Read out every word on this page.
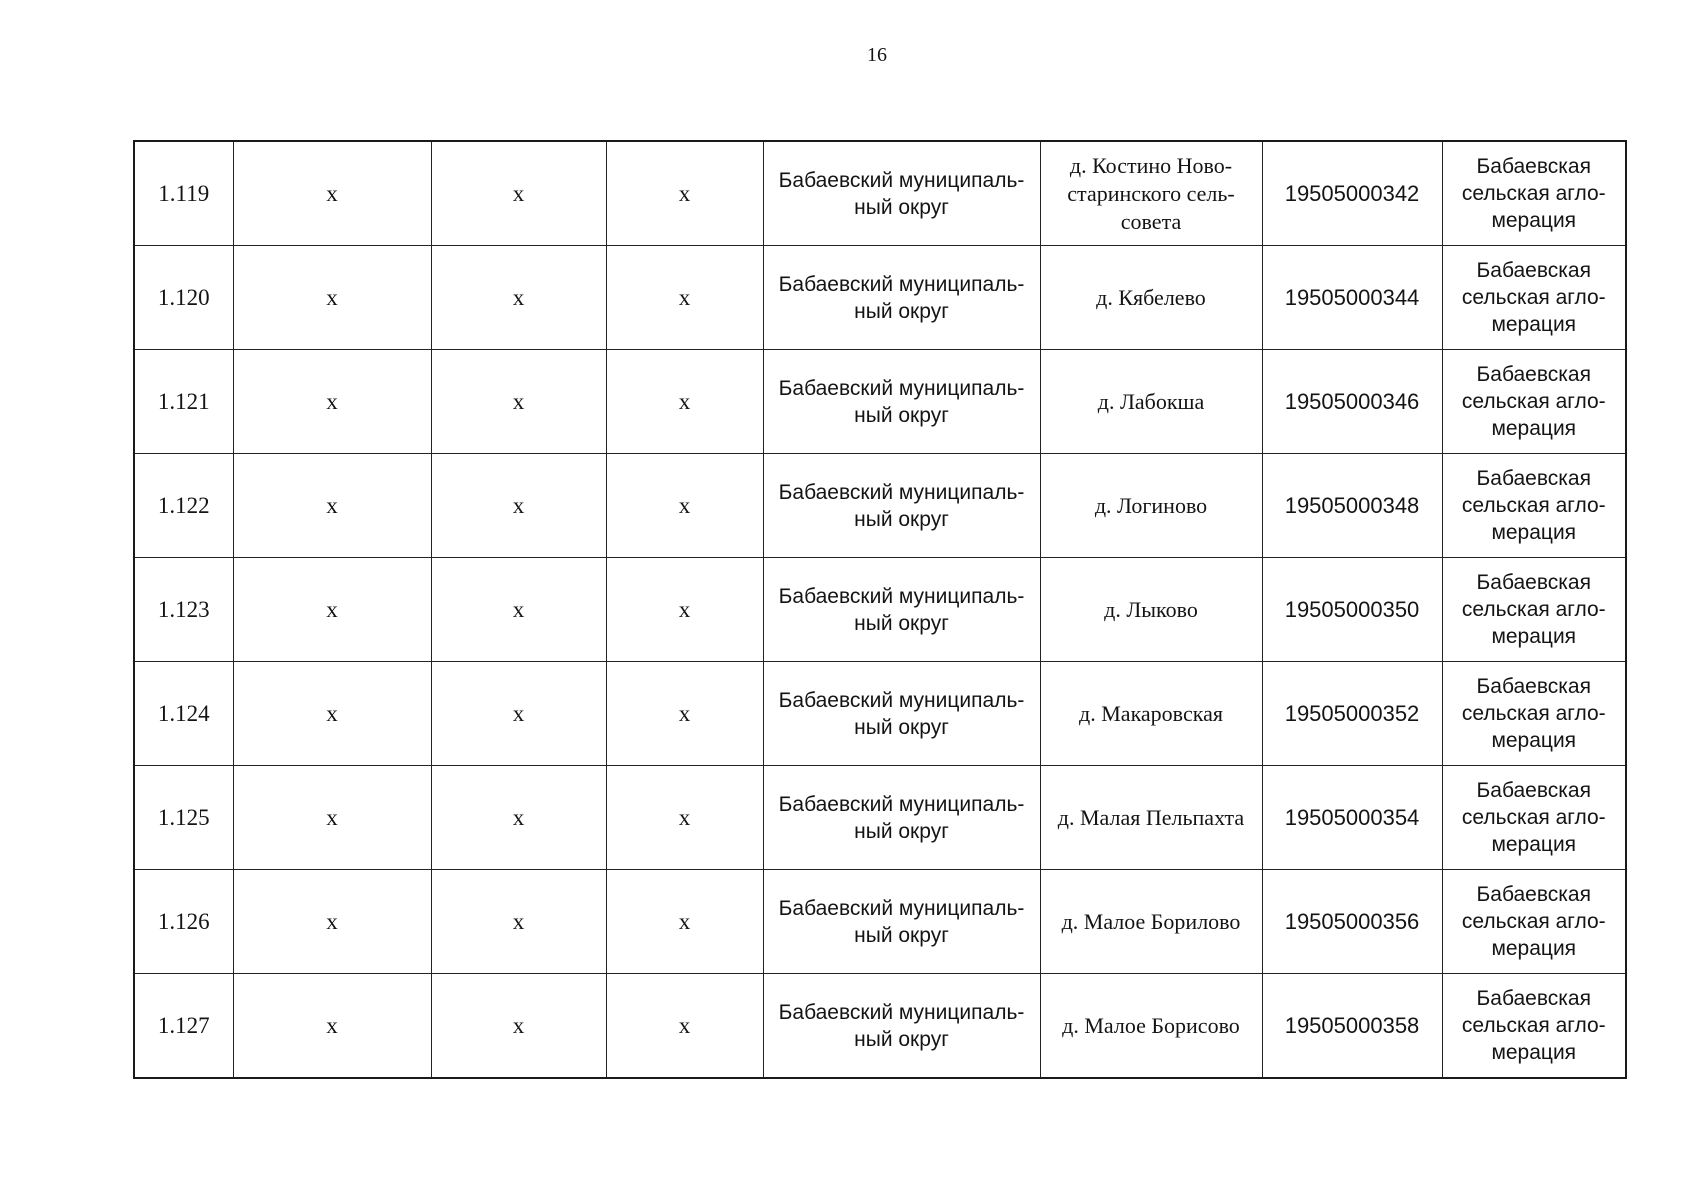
16
1.119	х	х	х	Бабаевский муниципаль-
ный округ	д. Костино Ново-
старинского сель-
совета	19505000342	Бабаевская
сельская агло-
мерация
1.120	х	х	х	Бабаевский муниципаль-
ный округ	д. Кябелево	19505000344	Бабаевская
сельская агло-
мерация
1.121	х	х	х	Бабаевский муниципаль-
ный округ	д. Лабокша	19505000346	Бабаевская
сельская агло-
мерация
1.122	х	х	х	Бабаевский муниципаль-
ный округ	д. Логиново	19505000348	Бабаевская
сельская агло-
мерация
1.123	х	х	х	Бабаевский муниципаль-
ный округ	д. Лыково	19505000350	Бабаевская
сельская агло-
мерация
1.124	х	х	х	Бабаевский муниципаль-
ный округ	д. Макаровская	19505000352	Бабаевская
сельская агло-
мерация
1.125	х	х	х	Бабаевский муниципаль-
ный округ	д. Малая Пельпахта	19505000354	Бабаевская
сельская агло-
мерация
1.126	х	х	х	Бабаевский муниципаль-
ный округ	д. Малое Борилово	19505000356	Бабаевская
сельская агло-
мерация
1.127	х	х	х	Бабаевский муниципаль-
ный округ	д. Малое Борисово	19505000358	Бабаевская
сельская агло-
мерация
